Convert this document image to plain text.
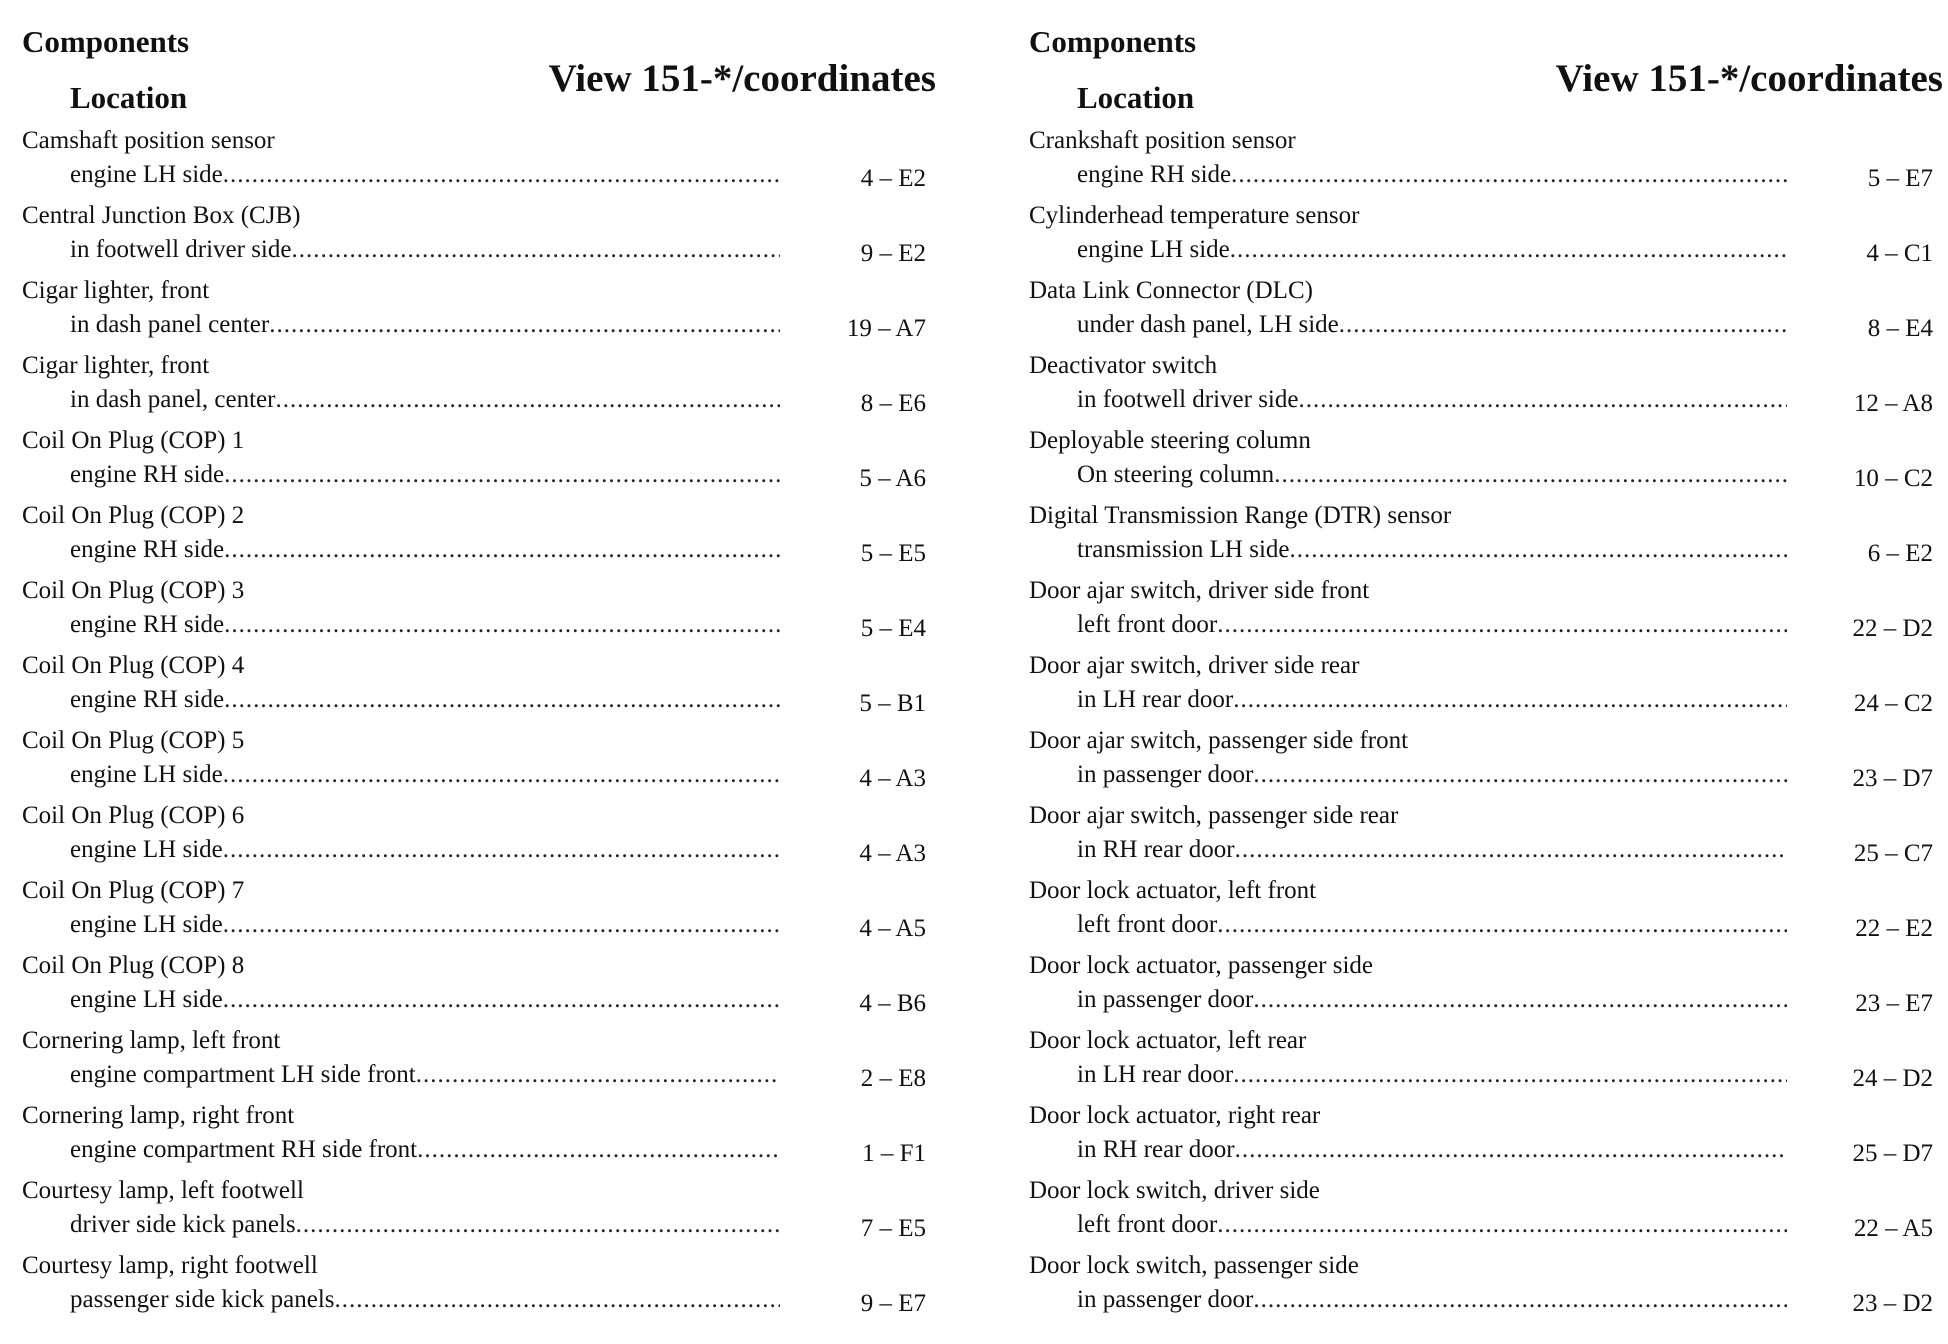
Components
Location	View 151-*/coordinates
Camshaft position sensor
engine LH side .....	4 – E2
Central Junction Box (CJB)
in footwell driver side .....	9 – E2
Cigar lighter, front
in dash panel center .....	19 – A7
Cigar lighter, front
in dash panel, center .....	8 – E6
Coil On Plug (COP) 1
engine RH side .....	5 – A6
Coil On Plug (COP) 2
engine RH side .....	5 – E5
Coil On Plug (COP) 3
engine RH side .....	5 – E4
Coil On Plug (COP) 4
engine RH side .....	5 – B1
Coil On Plug (COP) 5
engine LH side .....	4 – A3
Coil On Plug (COP) 6
engine LH side .....	4 – A3
Coil On Plug (COP) 7
engine LH side .....	4 – A5
Coil On Plug (COP) 8
engine LH side .....	4 – B6
Cornering lamp, left front
engine compartment LH side front .....	2 – E8
Cornering lamp, right front
engine compartment RH side front .....	1 – F1
Courtesy lamp, left footwell
driver side kick panels .....	7 – E5
Courtesy lamp, right footwell
passenger side kick panels .....	9 – E7
Components
Location	View 151-*/coordinates
Crankshaft position sensor
engine RH side .....	5 – E7
Cylinderhead temperature sensor
engine LH side .....	4 – C1
Data Link Connector (DLC)
under dash panel, LH side .....	8 – E4
Deactivator switch
in footwell driver side .....	12 – A8
Deployable steering column
On steering column .....	10 – C2
Digital Transmission Range (DTR) sensor
transmission LH side .....	6 – E2
Door ajar switch, driver side front
left front door .....	22 – D2
Door ajar switch, driver side rear
in LH rear door .....	24 – C2
Door ajar switch, passenger side front
in passenger door .....	23 – D7
Door ajar switch, passenger side rear
in RH rear door .....	25 – C7
Door lock actuator, left front
left front door .....	22 – E2
Door lock actuator, passenger side
in passenger door .....	23 – E7
Door lock actuator, left rear
in LH rear door .....	24 – D2
Door lock actuator, right rear
in RH rear door .....	25 – D7
Door lock switch, driver side
left front door .....	22 – A5
Door lock switch, passenger side
in passenger door .....	23 – D2
